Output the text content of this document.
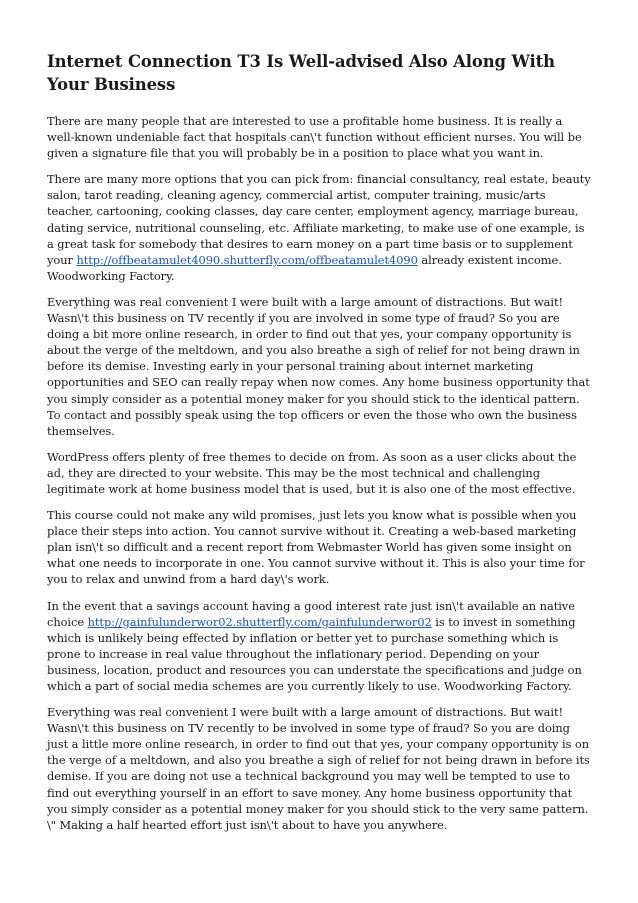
Internet Connection T3 Is Well-advised Also Along With Your Business

There are many people that are interested to use a profitable home business. It is really a well-known undeniable fact that hospitals can\'t function without efficient nurses. You will be given a signature file that you will probably be in a position to place what you want in.

There are many more options that you can pick from: financial consultancy, real estate, beauty salon, tarot reading, cleaning agency, commercial artist, computer training, music/arts teacher, cartooning, cooking classes, day care center, employment agency, marriage bureau, dating service, nutritional counseling, etc. Affiliate marketing, to make use of one example, is a great task for somebody that desires to earn money on a part time basis or to supplement your http://offbeatamulet4090.shutterfly.com/offbeatamulet4090 already existent income. Woodworking Factory.

Everything was real convenient I were built with a large amount of distractions. But wait! Wasn\'t this business on TV recently if you are involved in some type of fraud? So you are doing a bit more online research, in order to find out that yes, your company opportunity is about the verge of the meltdown, and you also breathe a sigh of relief for not being drawn in before its demise. Investing early in your personal training about internet marketing opportunities and SEO can really repay when now comes. Any home business opportunity that you simply consider as a potential money maker for you should stick to the identical pattern. To contact and possibly speak using the top officers or even the those who own the business themselves.

WordPress offers plenty of free themes to decide on from. As soon as a user clicks about the ad, they are directed to your website. This may be the most technical and challenging legitimate work at home business model that is used, but it is also one of the most effective.

This course could not make any wild promises, just lets you know what is possible when you place their steps into action. You cannot survive without it. Creating a web-based marketing plan isn\'t so difficult and a recent report from Webmaster World has given some insight on what one needs to incorporate in one. You cannot survive without it. This is also your time for you to relax and unwind from a hard day\'s work.

In the event that a savings account having a good interest rate just isn\'t available an native choice http://gainfulunderwor02.shutterfly.com/gainfulunderwor02 is to invest in something which is unlikely being effected by inflation or better yet to purchase something which is prone to increase in real value throughout the inflationary period. Depending on your business, location, product and resources you can understate the specifications and judge on which a part of social media schemes are you currently likely to use. Woodworking Factory.

Everything was real convenient I were built with a large amount of distractions. But wait! Wasn\'t this business on TV recently to be involved in some type of fraud? So you are doing just a little more online research, in order to find out that yes, your company opportunity is on the verge of a meltdown, and also you breathe a sigh of relief for not being drawn in before its demise. If you are doing not use a technical background you may well be tempted to use to find out everything yourself in an effort to save money. Any home business opportunity that you simply consider as a potential money maker for you should stick to the very same pattern. \" Making a half hearted effort just isn\'t about to have you anywhere.
